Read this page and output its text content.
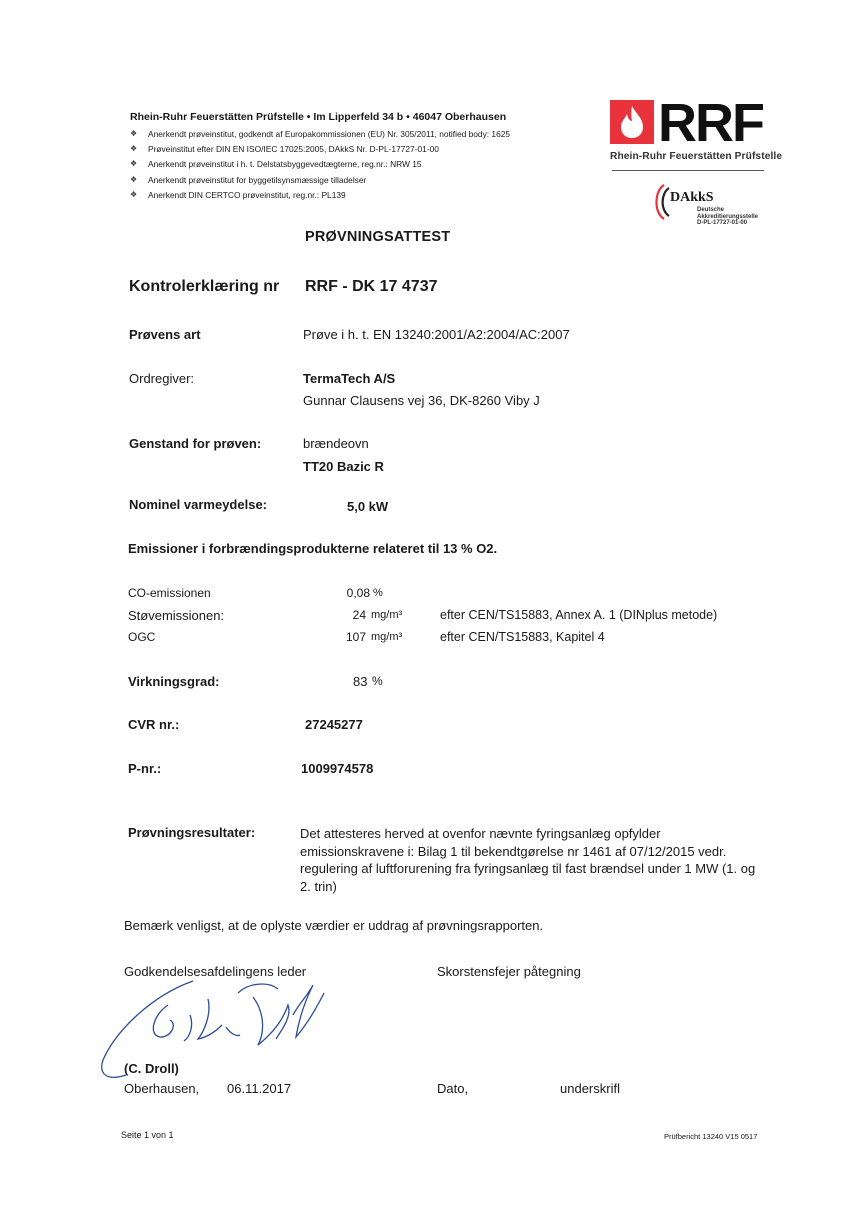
Rhein-Ruhr Feuerstätten Prüfstelle • Im Lipperfeld 34 b • 46047 Oberhausen
❖	Anerkendt prøveinstitut, godkendt af Europakommissionen (EU) Nr. 305/2011, notified body: 1625
❖	Prøveinstitut efter DIN EN ISO/IEC 17025:2005, DAkkS Nr. D-PL-17727-01-00
❖	Anerkendt prøveinstitut i h. t. Delstatsbyggevedtægterne, reg.nr.: NRW 15
❖	Anerkendt prøveinstitut for byggetilsynsmæssige tilladelser
❖	Anerkendt DIN CERTCO prøveinstitut, reg.nr.: PL139
RRF
Rhein-Ruhr Feuerstätten Prüfstelle
DAkkS
Deutsche
Akkreditierungsstelle
D-PL-17727-01-00
PRØVNINGSATTEST
Kontrolerklæring nr RRF - DK 17 4737
Prøvens art	Prøve i h. t. EN 13240:2001/A2:2004/AC:2007
Ordregiver:	TermaTech A/S
Gunnar Clausens vej 36, DK-8260 Viby J
Genstand for prøven:	brændeovn
TT20 Bazic R
Nominel varmeydelse:	5,0 kW
Emissioner i forbrændingsprodukterne relateret til 13 % O2.
CO-emissionen	0,08 %
Støvemissionen:	24 mg/m³	efter CEN/TS15883, Annex A. 1 (DINplus metode)
OGC	107 mg/m³	efter CEN/TS15883, Kapitel 4
Virkningsgrad:	83 %
CVR nr.:	27245277
P-nr.:	1009974578
Prøvningsresultater:	Det attesteres herved at ovenfor nævnte fyringsanlæg opfylder emissionskravene i: Bilag 1 til bekendtgørelse nr 1461 af 07/12/2015 vedr. regulering af luftforurening fra fyringsanlæg til fast brændsel under 1 MW (1. og 2. trin)
Bemærk venligst, at de oplyste værdier er uddrag af prøvningsrapporten.
Godkendelsesafdelingens leder	Skorstensfejer påtegning
(C. Droll)
Oberhausen, 06.11.2017	Dato,	underskrifl
Seite 1 von 1	Prüfbericht 13240 V15 0517
